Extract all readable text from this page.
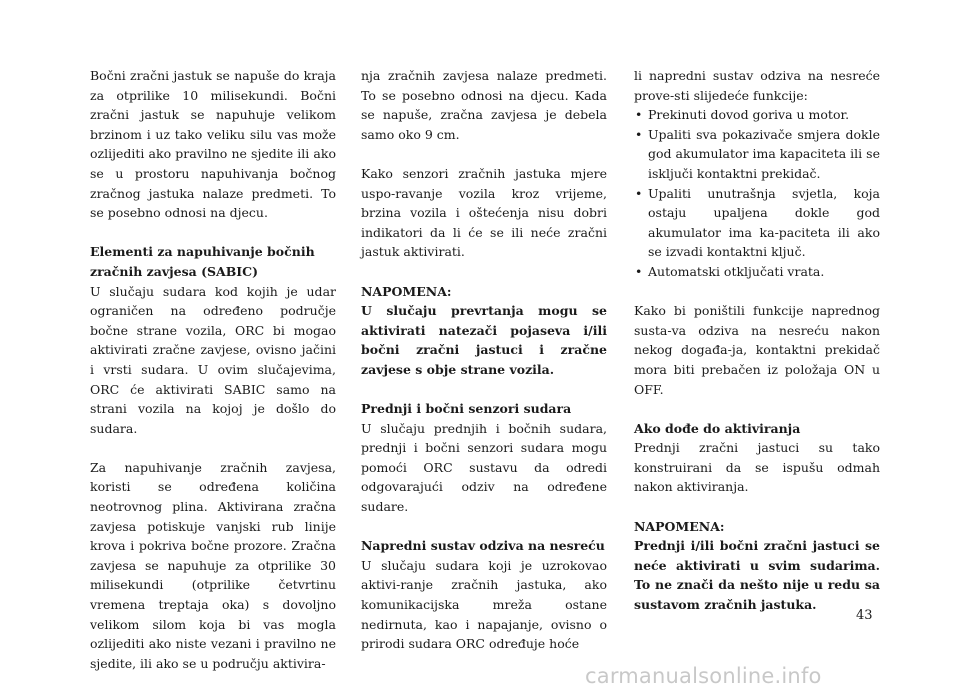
Bočni zračni jastuk se napuše do kraja za otprilike 10 milisekundi. Bočni zračni jastuk se napuhuje velikom brzinom i uz tako veliku silu vas može ozlijediti ako pravilno ne sjedite ili ako se u prostoru napuhivanja bočnog zračnog jastuka nalaze predmeti. To se posebno odnosi na djecu.

Elementi za napuhivanje bočnih zračnih zavjesa (SABIC)

U slučaju sudara kod kojih je udar ograničen na određeno područje bočne strane vozila, ORC bi mogao aktivirati zračne zavjese, ovisno jačini i vrsti sudara. U ovim slučajevima, ORC će aktivirati SABIC samo na strani vozila na kojoj je došlo do sudara.

Za napuhivanje zračnih zavjesa, koristi se određena količina neotrovnog plina. Aktivirana zračna zavjesa potiskuje vanjski rub linije krova i pokriva bočne prozore. Zračna zavjesa se napuhuje za otprilike 30 milisekundi (otprilike četvrtinu vremena treptaja oka) s dovoljno velikom silom koja bi vas mogla ozlijediti ako niste vezani i pravilno ne sjedite, ili ako se u području aktivira-

nja zračnih zavjesa nalaze predmeti. To se posebno odnosi na djecu. Kada se napuše, zračna zavjesa je debela samo oko 9 cm.

Kako senzori zračnih jastuka mjere uspo-ravanje vozila kroz vrijeme, brzina vozila i oštećenja nisu dobri indikatori da li će se ili neće zračni jastuk aktivirati.

NAPOMENA:

U slučaju prevrtanja mogu se aktivirati natezači pojaseva i/ili bočni zračni jastuci i zračne zavjese s obje strane vozila.

Prednji i bočni senzori sudara

U slučaju prednjih i bočnih sudara, prednji i bočni senzori sudara mogu pomoći ORC sustavu da odredi odgovarajući odziv na određene sudare.

Napredni sustav odziva na nesreću

U slučaju sudara koji je uzrokovao aktivi-ranje zračnih jastuka, ako komunikacijska mreža ostane nedirnuta, kao i napajanje, ovisno o prirodi sudara ORC određuje hoće

li napredni sustav odziva na nesreće prove-sti slijedeće funkcije:

• Prekinuti dovod goriva u motor.
• Upaliti sva pokazivače smjera dokle god akumulator ima kapaciteta ili se isključi kontaktni prekidač.
• Upaliti unutrašnja svjetla, koja ostaju upaljena dokle god akumulator ima ka-paciteta ili ako se izvadi kontaktni ključ.
• Automatski otključati vrata.

Kako bi poništili funkcije naprednog susta-va odziva na nesreću nakon nekog događa-ja, kontaktni prekidač mora biti prebačen iz položaja ON u OFF.

Ako dođe do aktiviranja

Prednji zračni jastuci su tako konstruirani da se ispušu odmah nakon aktiviranja.

NAPOMENA:

Prednji i/ili bočni zračni jastuci se neće aktivirati u svim sudarima. To ne znači da nešto nije u redu sa sustavom zračnih jastuka.

43
carmanualsonline.info
